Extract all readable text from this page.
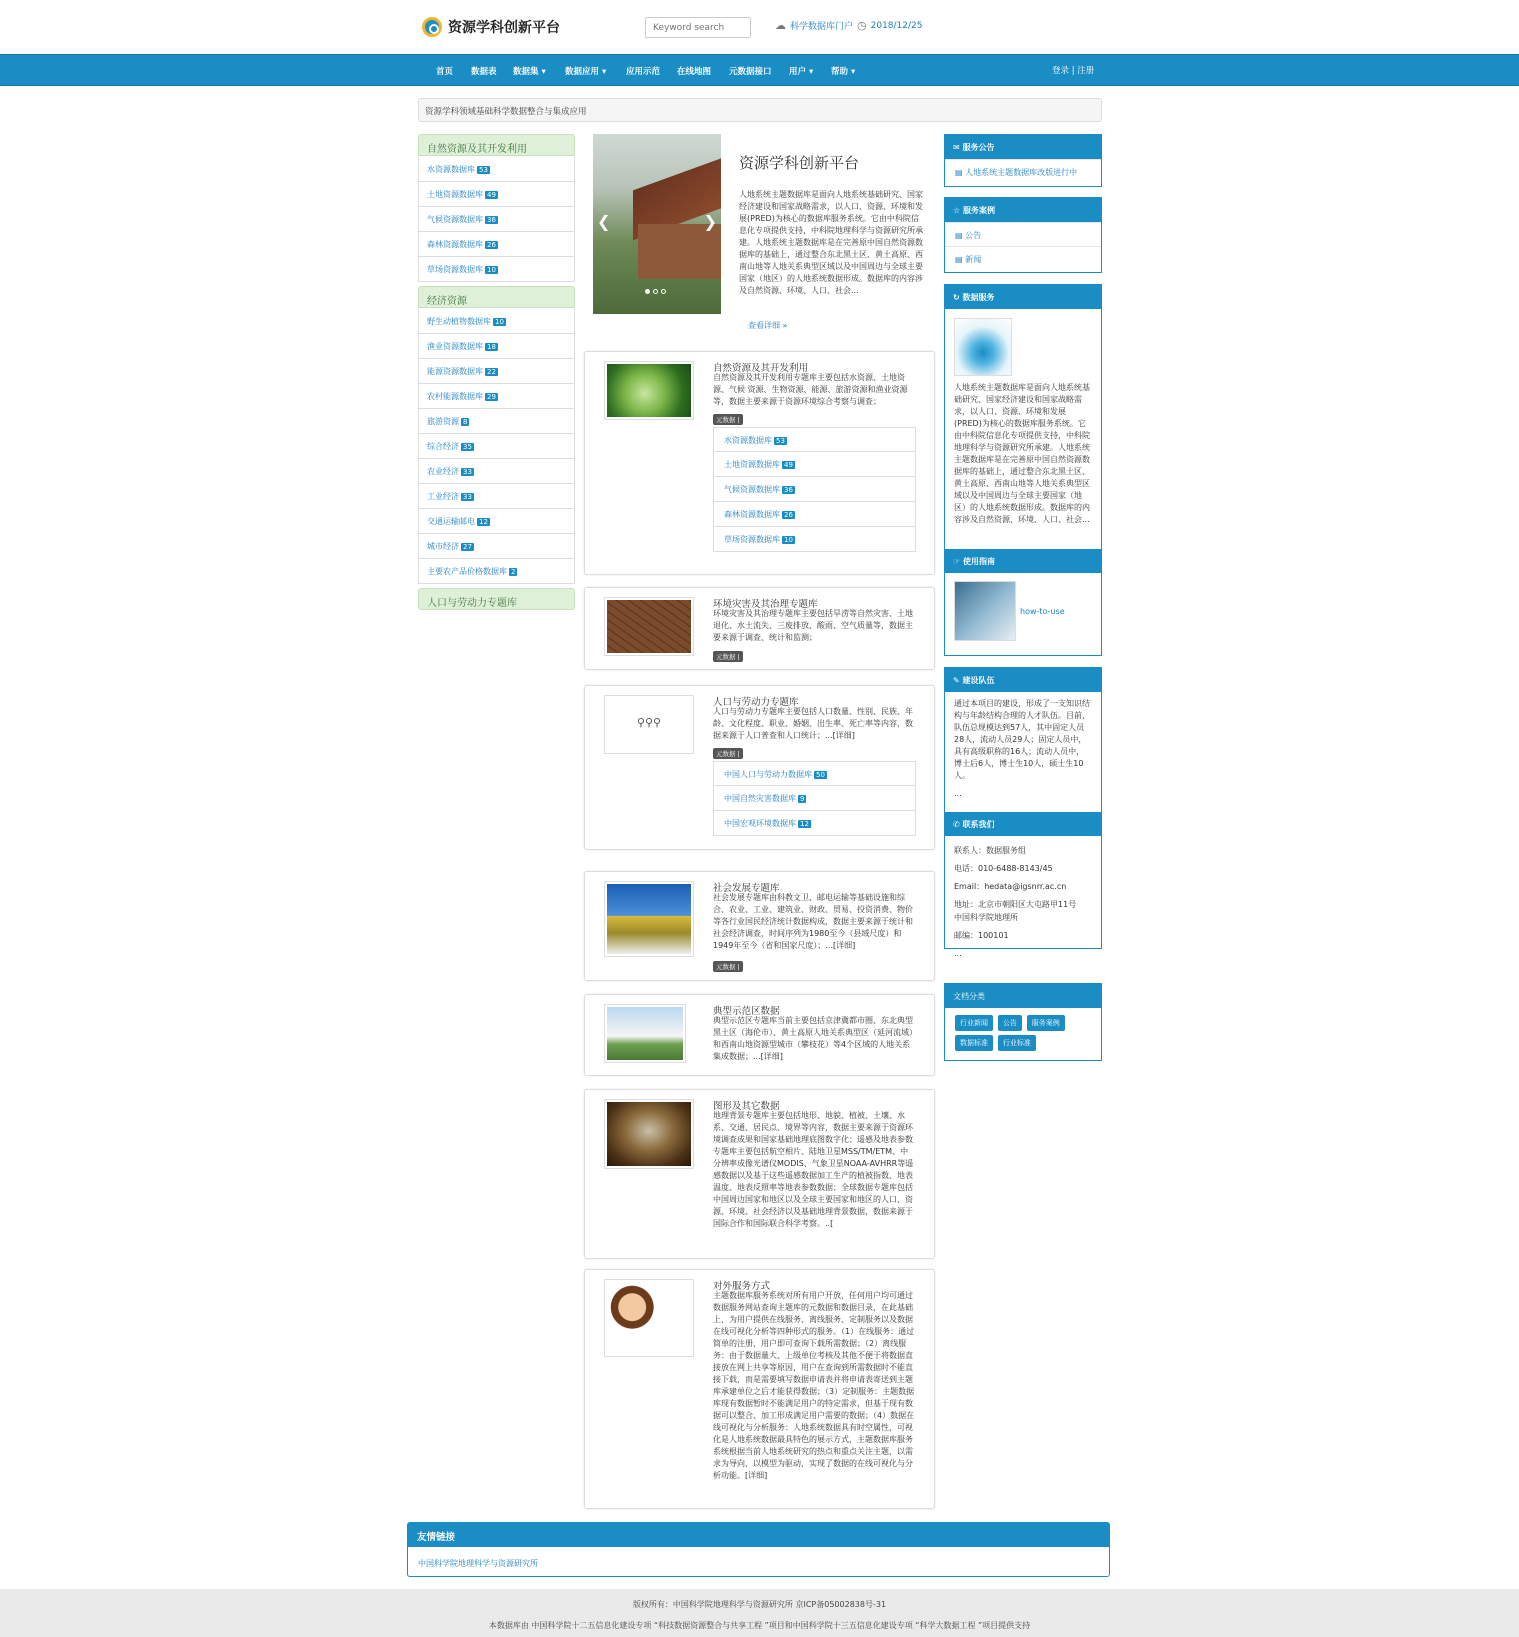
资源学科创新平台
Keyword search	☁ 科学数据库门户 ◷ 2018/12/25
首页 数据表 数据集 ▾ 数据应用 ▾ 应用示范 在线地图 元数据接口 用户 ▾ 帮助 ▾	登录 | 注册
资源学科领域基础科学数据整合与集成应用
自然资源及其开发利用
水资源数据库 53
土地资源数据库 49
气候资源数据库 36
森林资源数据库 26
草场资源数据库 10
经济资源
野生动植物数据库 10
渔业资源数据库 18
能源资源数据库 22
农村能源数据库 29
旅游资源 8
综合经济 35
农业经济 33
工业经济 33
交通运输邮电 12
城市经济 27
主要农产品价格数据库 2
人口与劳动力专题库
❮	❯
资源学科创新平台
人地系统主题数据库是面向人地系统基础研究、国家经济建设和国家战略需求，以人口、资源、环境和发展(PRED)为核心的数据库服务系统。它由中科院信息化专项提供支持，中科院地理科学与资源研究所承建。人地系统主题数据库是在完善原中国自然资源数据库的基础上，通过整合东北黑土区、黄土高原、西南山地等人地关系典型区域以及中国周边与全球主要国家（地区）的人地系统数据形成。数据库的内容涉及自然资源、环境、人口、社会...
查看详细 »
自然资源及其开发利用
自然资源及其开发利用专题库主要包括水资源、土地资源、气候 资源、生物资源、能源、旅游资源和渔业资源等，数据主要来源于资源环境综合考察与调查；
元数据 |
水资源数据库 53
土地资源数据库 49
气候资源数据库 36
森林资源数据库 26
草场资源数据库 10
环境灾害及其治理专题库
环境灾害及其治理专题库主要包括旱涝等自然灾害、土地退化、水土流失、三废排放、酸雨、空气质量等，数据主要来源于调查、统计和监测；
元数据 |
⚲⚲⚲
人口与劳动力专题库
人口与劳动力专题库主要包括人口数量、性别、民族、年龄、文化程度、职业、婚姻、出生率、死亡率等内容，数据来源于人口普查和人口统计；...[详细]
元数据 |
中国人口与劳动力数据库 50
中国自然灾害数据库 9
中国宏观环境数据库 12
社会发展专题库
社会发展专题库由科教文卫、邮电运输等基础设施和综合、农业、工业、建筑业、财政、贸易、投资消费、物价等各行业国民经济统计数据构成，数据主要来源于统计和社会经济调查，时间序列为1980至今（县域尺度）和1949年至今（省和国家尺度）；...[详细]
元数据 |
典型示范区数据
典型示范区专题库当前主要包括京津冀都市圈、东北典型黑土区（海伦市）、黄土高原人地关系典型区（延河流域）和西南山地资源型城市（攀枝花）等4个区域的人地关系集成数据；...[详细]
图形及其它数据
地理背景专题库主要包括地形、地貌、植被、土壤、水系、交通、居民点、境界等内容，数据主要来源于资源环境调查成果和国家基础地理底图数字化；遥感及地表参数专题库主要包括航空相片、陆地卫星MSS/TM/ETM、中分辨率成像光谱仪MODIS、气象卫星NOAA-AVHRR等遥感数据以及基于这些遥感数据加工生产的植被指数、地表温度、地表反照率等地表参数数据；全球数据专题库包括中国周边国家和地区以及全球主要国家和地区的人口、资源、环境、社会经济以及基础地理背景数据，数据来源于国际合作和国际联合科学考察。..[
对外服务方式
主题数据库服务系统对所有用户开放，任何用户均可通过数据服务网站查询主题库的元数据和数据目录，在此基础上，为用户提供在线服务、离线服务、定制服务以及数据在线可视化分析等四种形式的服务。（1）在线服务：通过简单的注册，用户即可查询下载所需数据；（2）离线服务：由于数据量大、上级单位考核及其他不便于将数据直接放在网上共享等原因，用户在查询到所需数据时不能直接下载，而是需要填写数据申请表并将申请表寄送到主题库承建单位之后才能获得数据；（3）定制服务：主题数据库现有数据暂时不能满足用户的特定需求，但基于现有数据可以整合、加工形成满足用户需要的数据；（4）数据在线可视化与分析服务：人地系统数据具有时空属性，可视化是人地系统数据最具特色的展示方式，主题数据库服务系统根据当前人地系统研究的热点和重点关注主题，以需求为导向，以模型为驱动，实现了数据的在线可视化与分析功能。[详细]
✉ 服务公告
▤ 人地系统主题数据库改版进行中
☆ 服务案例
▤ 公告
▤ 新闻
↻ 数据服务
人地系统主题数据库是面向人地系统基础研究、国家经济建设和国家战略需求，以人口、资源、环境和发展(PRED)为核心的数据库服务系统。它由中科院信息化专项提供支持，中科院地理科学与资源研究所承建。人地系统主题数据库是在完善原中国自然资源数据库的基础上，通过整合东北黑土区、黄土高原、西南山地等人地关系典型区域以及中国周边与全球主要国家（地区）的人地系统数据形成。数据库的内容涉及自然资源、环境、人口、社会...
☞ 使用指南
how-to-use
✎ 建设队伍
通过本项目的建设，形成了一支知识结构与年龄结构合理的人才队伍。目前，队伍总规模达到57人，其中固定人员28人，流动人员29人；固定人员中，具有高级职称的16人；流动人员中，博士后6人，博士生10人，硕士生10人。
...
✆ 联系我们
联系人：数据服务组
电话：010-6488-8143/45
Email：hedata@igsnrr.ac.cn
地址：北京市朝阳区大屯路甲11号
中国科学院地理所
邮编：100101
...
文档分类
行业新闻 公告 服务案例 数据标准 行业标准
友情链接
中国科学院地理科学与资源研究所
版权所有：中国科学院地理科学与资源研究所 京ICP备05002838号-31
本数据库由 中国科学院十二五信息化建设专项 “科技数据资源整合与共享工程 ”项目和中国科学院十三五信息化建设专项 “科学大数据工程 ”项目提供支持
